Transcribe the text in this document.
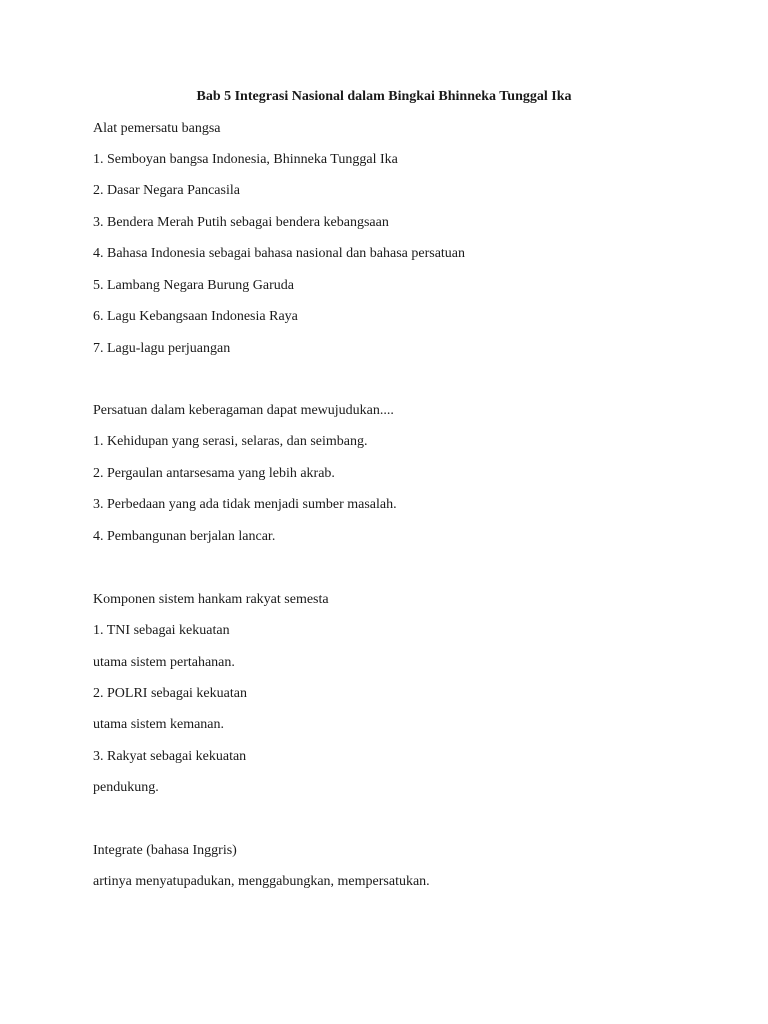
Bab 5 Integrasi Nasional dalam Bingkai Bhinneka Tunggal Ika
Alat pemersatu bangsa
1. Semboyan bangsa Indonesia, Bhinneka Tunggal Ika
2. Dasar Negara Pancasila
3. Bendera Merah Putih sebagai bendera kebangsaan
4. Bahasa Indonesia sebagai bahasa nasional dan bahasa persatuan
5. Lambang Negara Burung Garuda
6. Lagu Kebangsaan Indonesia Raya
7. Lagu-lagu perjuangan
Persatuan dalam keberagaman dapat mewujudukan....
1. Kehidupan yang serasi, selaras, dan seimbang.
2. Pergaulan antarsesama yang lebih akrab.
3. Perbedaan yang ada tidak menjadi sumber masalah.
4. Pembangunan berjalan lancar.
Komponen sistem hankam rakyat semesta
1. TNI sebagai kekuatan
utama sistem pertahanan.
2. POLRI sebagai kekuatan
utama sistem kemanan.
3. Rakyat sebagai kekuatan
pendukung.
Integrate (bahasa Inggris)
artinya menyatupadukan, menggabungkan, mempersatukan.
